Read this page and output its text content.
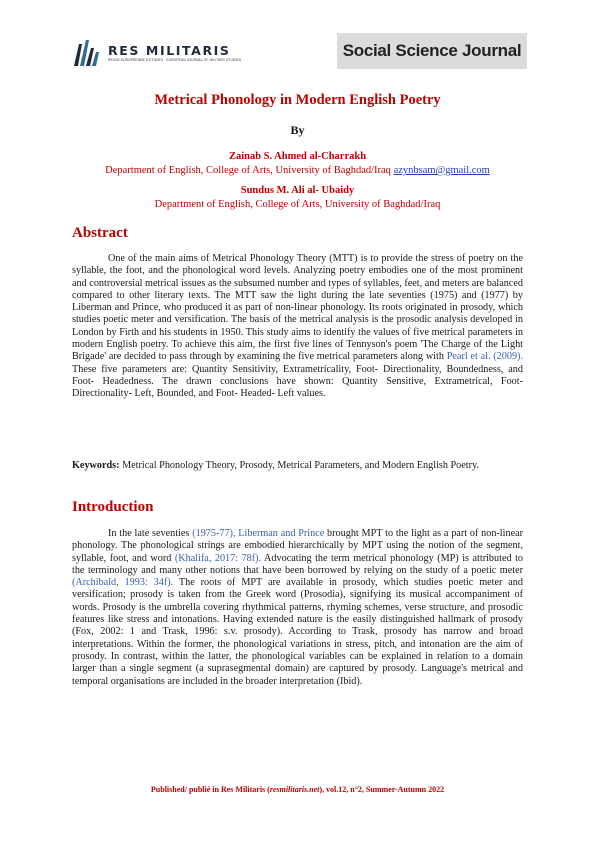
RES MILITARIS
REVUE EUROPÉENNE D'ETUDES · EUROPEAN JOURNAL OF MILITARY STUDIES	Social Science Journal
Metrical Phonology in Modern English Poetry
By
Zainab S. Ahmed al-Charrakh
Department of English, College of Arts, University of Baghdad/Iraq azynbsam@gmail.com
Sundus M. Ali al- Ubaidy
Department of English, College of Arts, University of Baghdad/Iraq
Abstract

One of the main aims of Metrical Phonology Theory (MTT) is to provide the stress of poetry on the syllable, the foot, and the phonological word levels. Analyzing poetry embodies one of the most prominent and controversial metrical issues as the subsumed number and types of syllables, feet, and meters are balanced compared to other literary texts. The MTT saw the light during the late seventies (1975) and (1977) by Liberman and Prince, who produced it as part of non-linear phonology. Its roots originated in prosody, which studies poetic meter and versification. The basis of the metrical analysis is the prosodic analysis developed in London by Firth and his students in 1950. This study aims to identify the values of five metrical parameters in modern English poetry. To achieve this aim, the first five lines of Tennyson's poem 'The Charge of the Light Brigade' are decided to pass through by examining the five metrical parameters along with Pearl et al. (2009). These five parameters are: Quantity Sensitivity, Extrametricality, Foot- Directionality, Boundedness, and Foot- Headedness. The drawn conclusions have shown: Quantity Sensitive, Extrametrical, Foot- Directionality- Left, Bounded, and Foot- Headed- Left values.

Keywords: Metrical Phonology Theory, Prosody, Metrical Parameters, and Modern English Poetry.

Introduction

In the late seventies (1975-77), Liberman and Prince brought MPT to the light as a part of non-linear phonology. The phonological strings are embodied hierarchically by MPT using the notion of the segment, syllable, foot, and word (Khalifa, 2017: 78f). Advocating the term metrical phonology (MP) is attributed to the terminology and many other notions that have been borrowed by relying on the study of a poetic meter (Archibald, 1993: 34f). The roots of MPT are available in prosody, which studies poetic meter and versification; prosody is taken from the Greek word (Prosodia), signifying its musical accompaniment of words. Prosody is the umbrella covering rhythmical patterns, rhyming schemes, verse structure, and prosodic features like stress and intonations. Having extended nature is the easily distinguished hallmark of prosody (Fox, 2002: 1 and Trask, 1996: s.v. prosody). According to Trask, prosody has narrow and broad interpretations. Within the former, the phonological variations in stress, pitch, and intonation are the aim of prosody. In contrast, within the latter, the phonological variables can be explained in relation to a domain larger than a single segment (a suprasegmental domain) are captured by prosody. Language's metrical and temporal organisations are included in the broader interpretation (Ibid).

Published/ publié in Res Militaris (resmilitaris.net), vol.12, n°2, Summer-Autumn 2022
